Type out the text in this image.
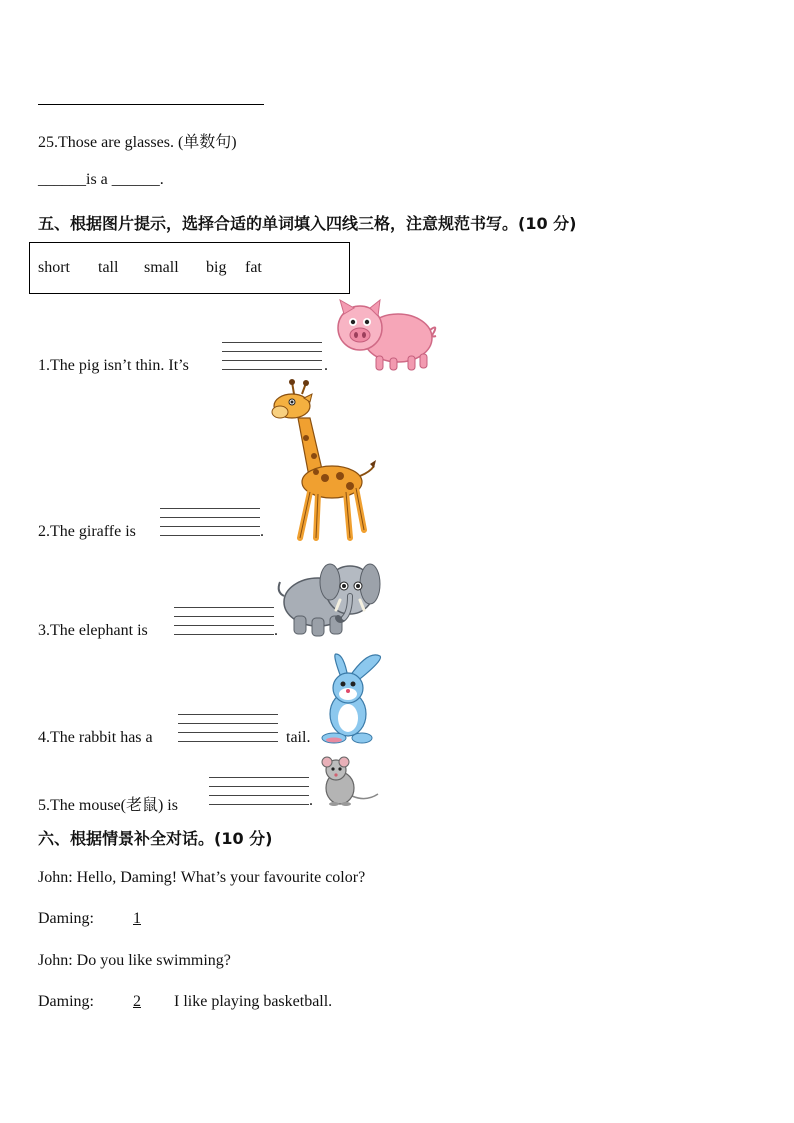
25.Those are glasses. (单数句)
______is a ______.
五、根据图片提示，选择合适的单词填入四线三格，注意规范书写。(10 分)
short tall small big fat
1.The pig isn’t thin. It’s	.
2.The giraffe is	.
3.The elephant is	.
4.The rabbit has a	tail.
5.The mouse(老鼠) is	.
六、根据情景补全对话。(10 分)
John: Hello, Daming! What’s your favourite color?
Daming: 1
John: Do you like swimming?
Daming: 2 I like playing basketball.
